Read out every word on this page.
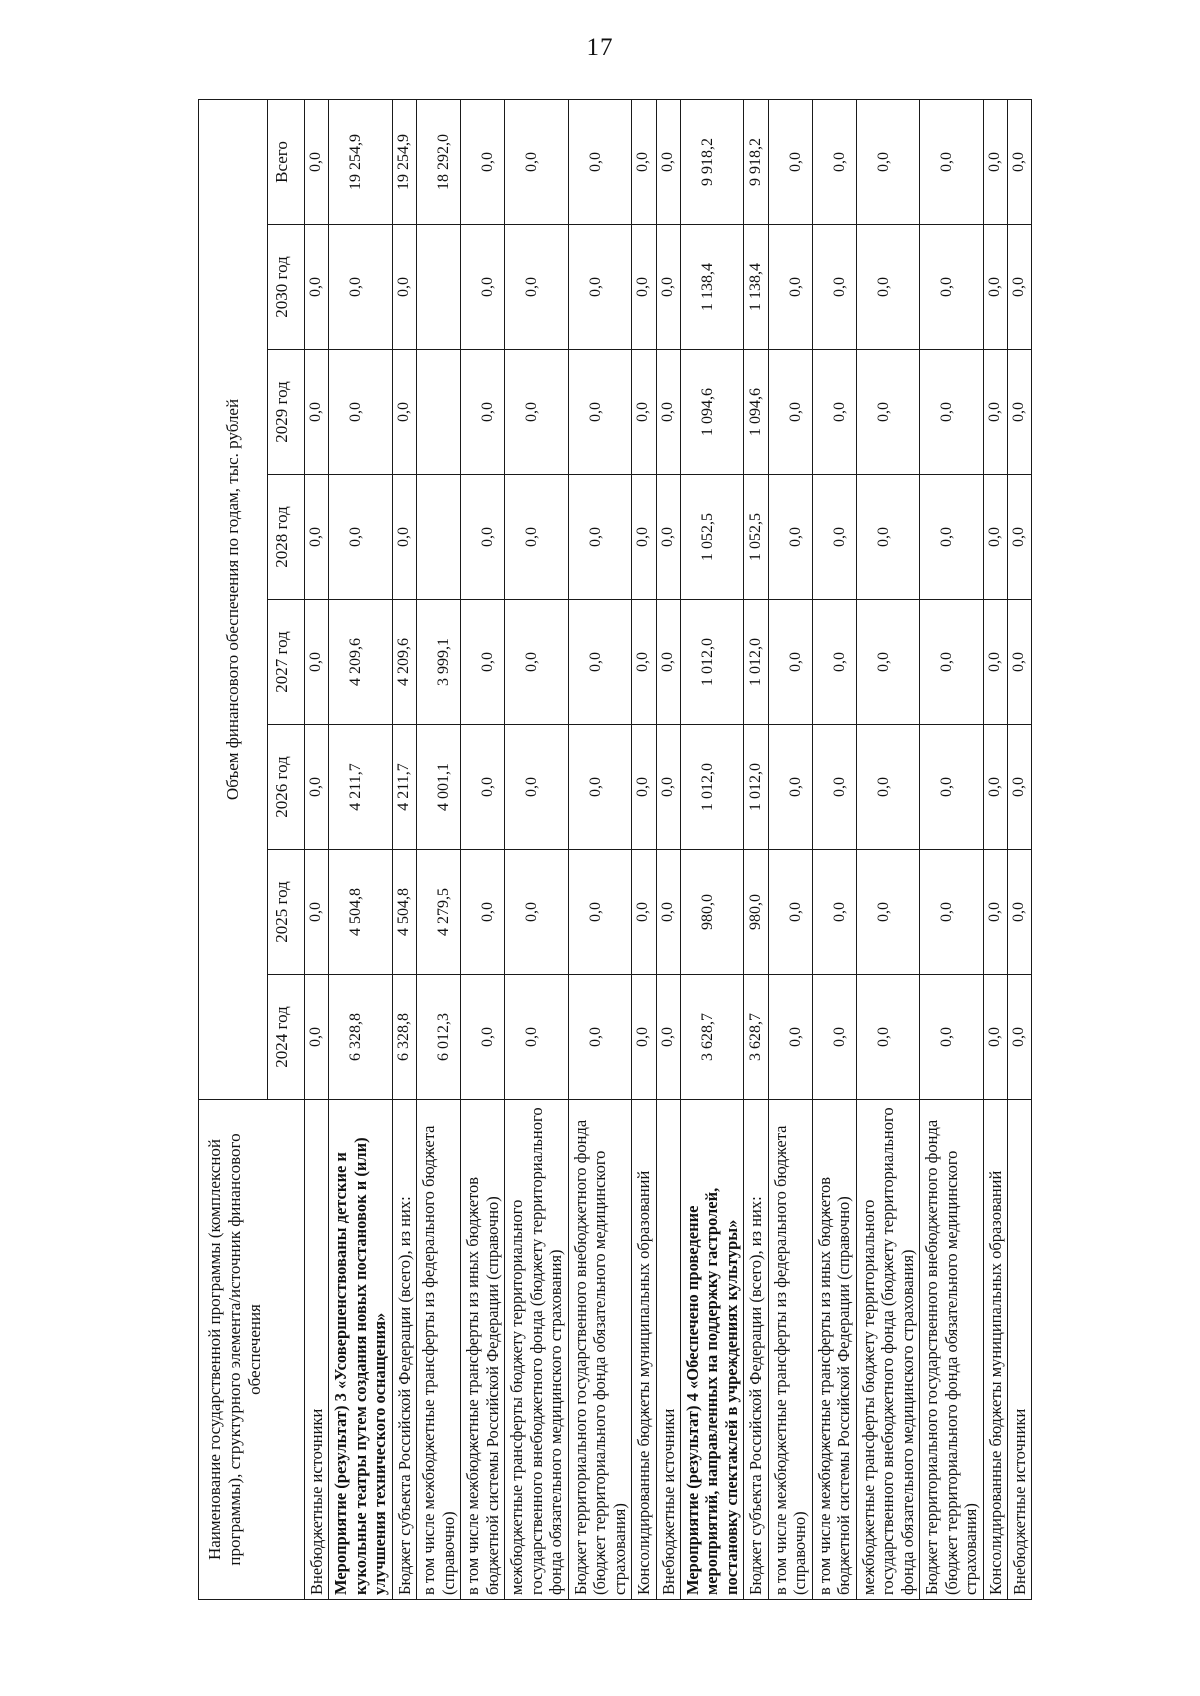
17
Наименование государственной программы (комплексной программы), структурного элемента/источник финансового обеспечения	Объем финансового обеспечения по годам, тыс. рублей							
	2024 год	2025 год	2026 год	2027 год	2028 год	2029 год	2030 год	Всего
Внебюджетные источники	0,0	0,0	0,0	0,0	0,0	0,0	0,0	0,0
Мероприятие (результат) 3 «Усовершенствованы детские и кукольные театры путем создания новых постановок и (или) улучшения технического оснащения»	6 328,8	4 504,8	4 211,7	4 209,6	0,0	0,0	0,0	19 254,9
Бюджет субъекта Российской Федерации (всего), из них:	6 328,8	4 504,8	4 211,7	4 209,6	0,0	0,0	0,0	19 254,9
в том числе межбюджетные трансферты из федерального бюджета (справочно)	6 012,3	4 279,5	4 001,1	3 999,1				18 292,0
в том числе межбюджетные трансферты из иных бюджетов бюджетной системы Российской Федерации (справочно)	0,0	0,0	0,0	0,0	0,0	0,0	0,0	0,0
межбюджетные трансферты бюджету территориального государственного внебюджетного фонда (бюджету территориального фонда обязательного медицинского страхования)	0,0	0,0	0,0	0,0	0,0	0,0	0,0	0,0
Бюджет территориального государственного внебюджетного фонда (бюджет территориального фонда обязательного медицинского страхования)	0,0	0,0	0,0	0,0	0,0	0,0	0,0	0,0
Консолидированные бюджеты муниципальных образований	0,0	0,0	0,0	0,0	0,0	0,0	0,0	0,0
Внебюджетные источники	0,0	0,0	0,0	0,0	0,0	0,0	0,0	0,0
Мероприятие (результат) 4 «Обеспечено проведение мероприятий, направленных на поддержку гастролей, постановку спектаклей в учреждениях культуры»	3 628,7	980,0	1 012,0	1 012,0	1 052,5	1 094,6	1 138,4	9 918,2
Бюджет субъекта Российской Федерации (всего), из них:	3 628,7	980,0	1 012,0	1 012,0	1 052,5	1 094,6	1 138,4	9 918,2
в том числе межбюджетные трансферты из федерального бюджета (справочно)	0,0	0,0	0,0	0,0	0,0	0,0	0,0	0,0
в том числе межбюджетные трансферты из иных бюджетов бюджетной системы Российской Федерации (справочно)	0,0	0,0	0,0	0,0	0,0	0,0	0,0	0,0
межбюджетные трансферты бюджету территориального государственного внебюджетного фонда (бюджету территориального фонда обязательного медицинского страхования)	0,0	0,0	0,0	0,0	0,0	0,0	0,0	0,0
Бюджет территориального государственного внебюджетного фонда (бюджет территориального фонда обязательного медицинского страхования)	0,0	0,0	0,0	0,0	0,0	0,0	0,0	0,0
Консолидированные бюджеты муниципальных образований	0,0	0,0	0,0	0,0	0,0	0,0	0,0	0,0
Внебюджетные источники	0,0	0,0	0,0	0,0	0,0	0,0	0,0	0,0
